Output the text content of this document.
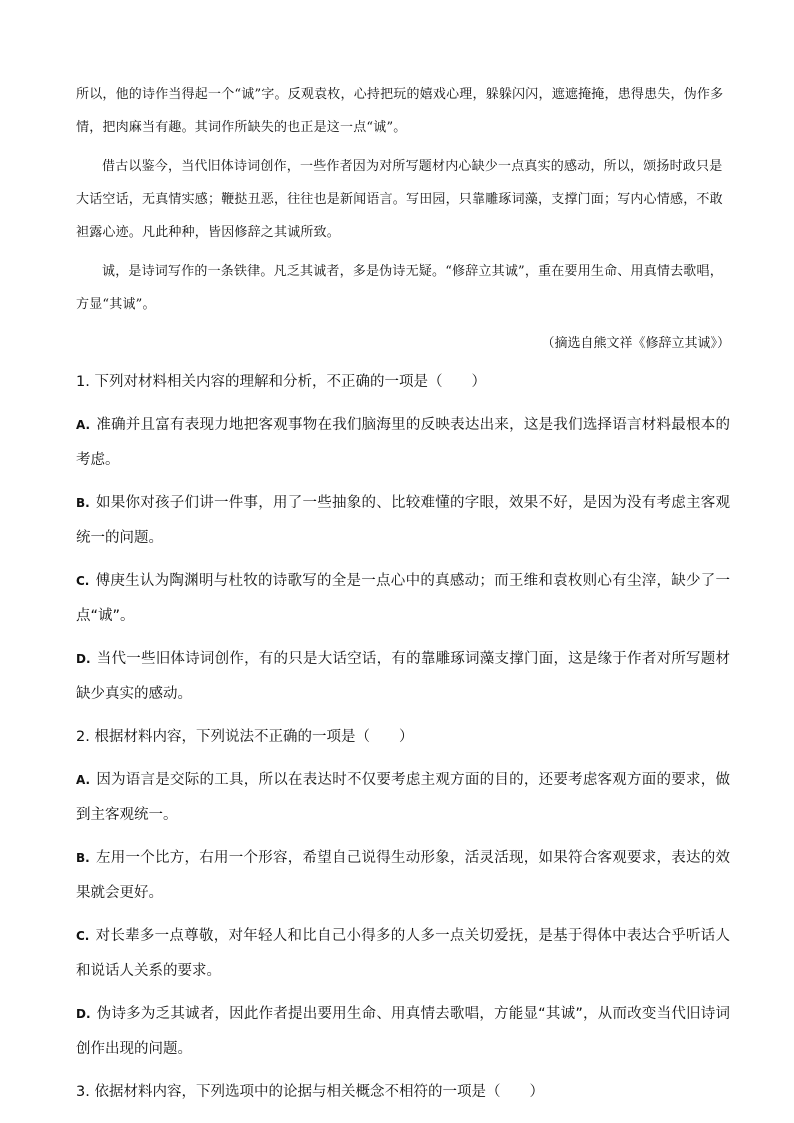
所以，他的诗作当得起一个“诚”字。反观袁枚，心持把玩的嬉戏心理，躲躲闪闪，遮遮掩掩，患得患失，伪作多情，把肉麻当有趣。其词作所缺失的也正是这一点“诚”。

借古以鉴今，当代旧体诗词创作，一些作者因为对所写题材内心缺少一点真实的感动，所以，颂扬时政只是大话空话，无真情实感；鞭挞丑恶，往往也是新闻语言。写田园，只靠雕琢词藻，支撑门面；写内心情感，不敢袒露心迹。凡此种种，皆因修辞之其诚所致。

诚，是诗词写作的一条铁律。凡乏其诚者，多是伪诗无疑。“修辞立其诚”，重在要用生命、用真情去歌唱，方显“其诚”。

（摘选自熊文祥《修辞立其诚》）

1. 下列对材料相关内容的理解和分析，不正确的一项是（　　）

A. 准确并且富有表现力地把客观事物在我们脑海里的反映表达出来，这是我们选择语言材料最根本的考虑。

B. 如果你对孩子们讲一件事，用了一些抽象的、比较难懂的字眼，效果不好，是因为没有考虑主客观统一的问题。

C. 傅庚生认为陶渊明与杜牧的诗歌写的全是一点心中的真感动；而王维和袁枚则心有尘滓，缺少了一点“诚”。

D. 当代一些旧体诗词创作，有的只是大话空话，有的靠雕琢词藻支撑门面，这是缘于作者对所写题材缺少真实的感动。

2. 根据材料内容，下列说法不正确的一项是（　　）

A. 因为语言是交际的工具，所以在表达时不仅要考虑主观方面的目的，还要考虑客观方面的要求，做到主客观统一。

B. 左用一个比方，右用一个形容，希望自己说得生动形象，活灵活现，如果符合客观要求，表达的效果就会更好。

C. 对长辈多一点尊敬，对年轻人和比自己小得多的人多一点关切爱抚，是基于得体中表达合乎听话人和说话人关系的要求。

D. 伪诗多为乏其诚者，因此作者提出要用生命、用真情去歌唱，方能显“其诚”，从而改变当代旧诗词创作出现的问题。

3. 依据材料内容，下列选项中的论据与相关概念不相符的一项是（　　）
